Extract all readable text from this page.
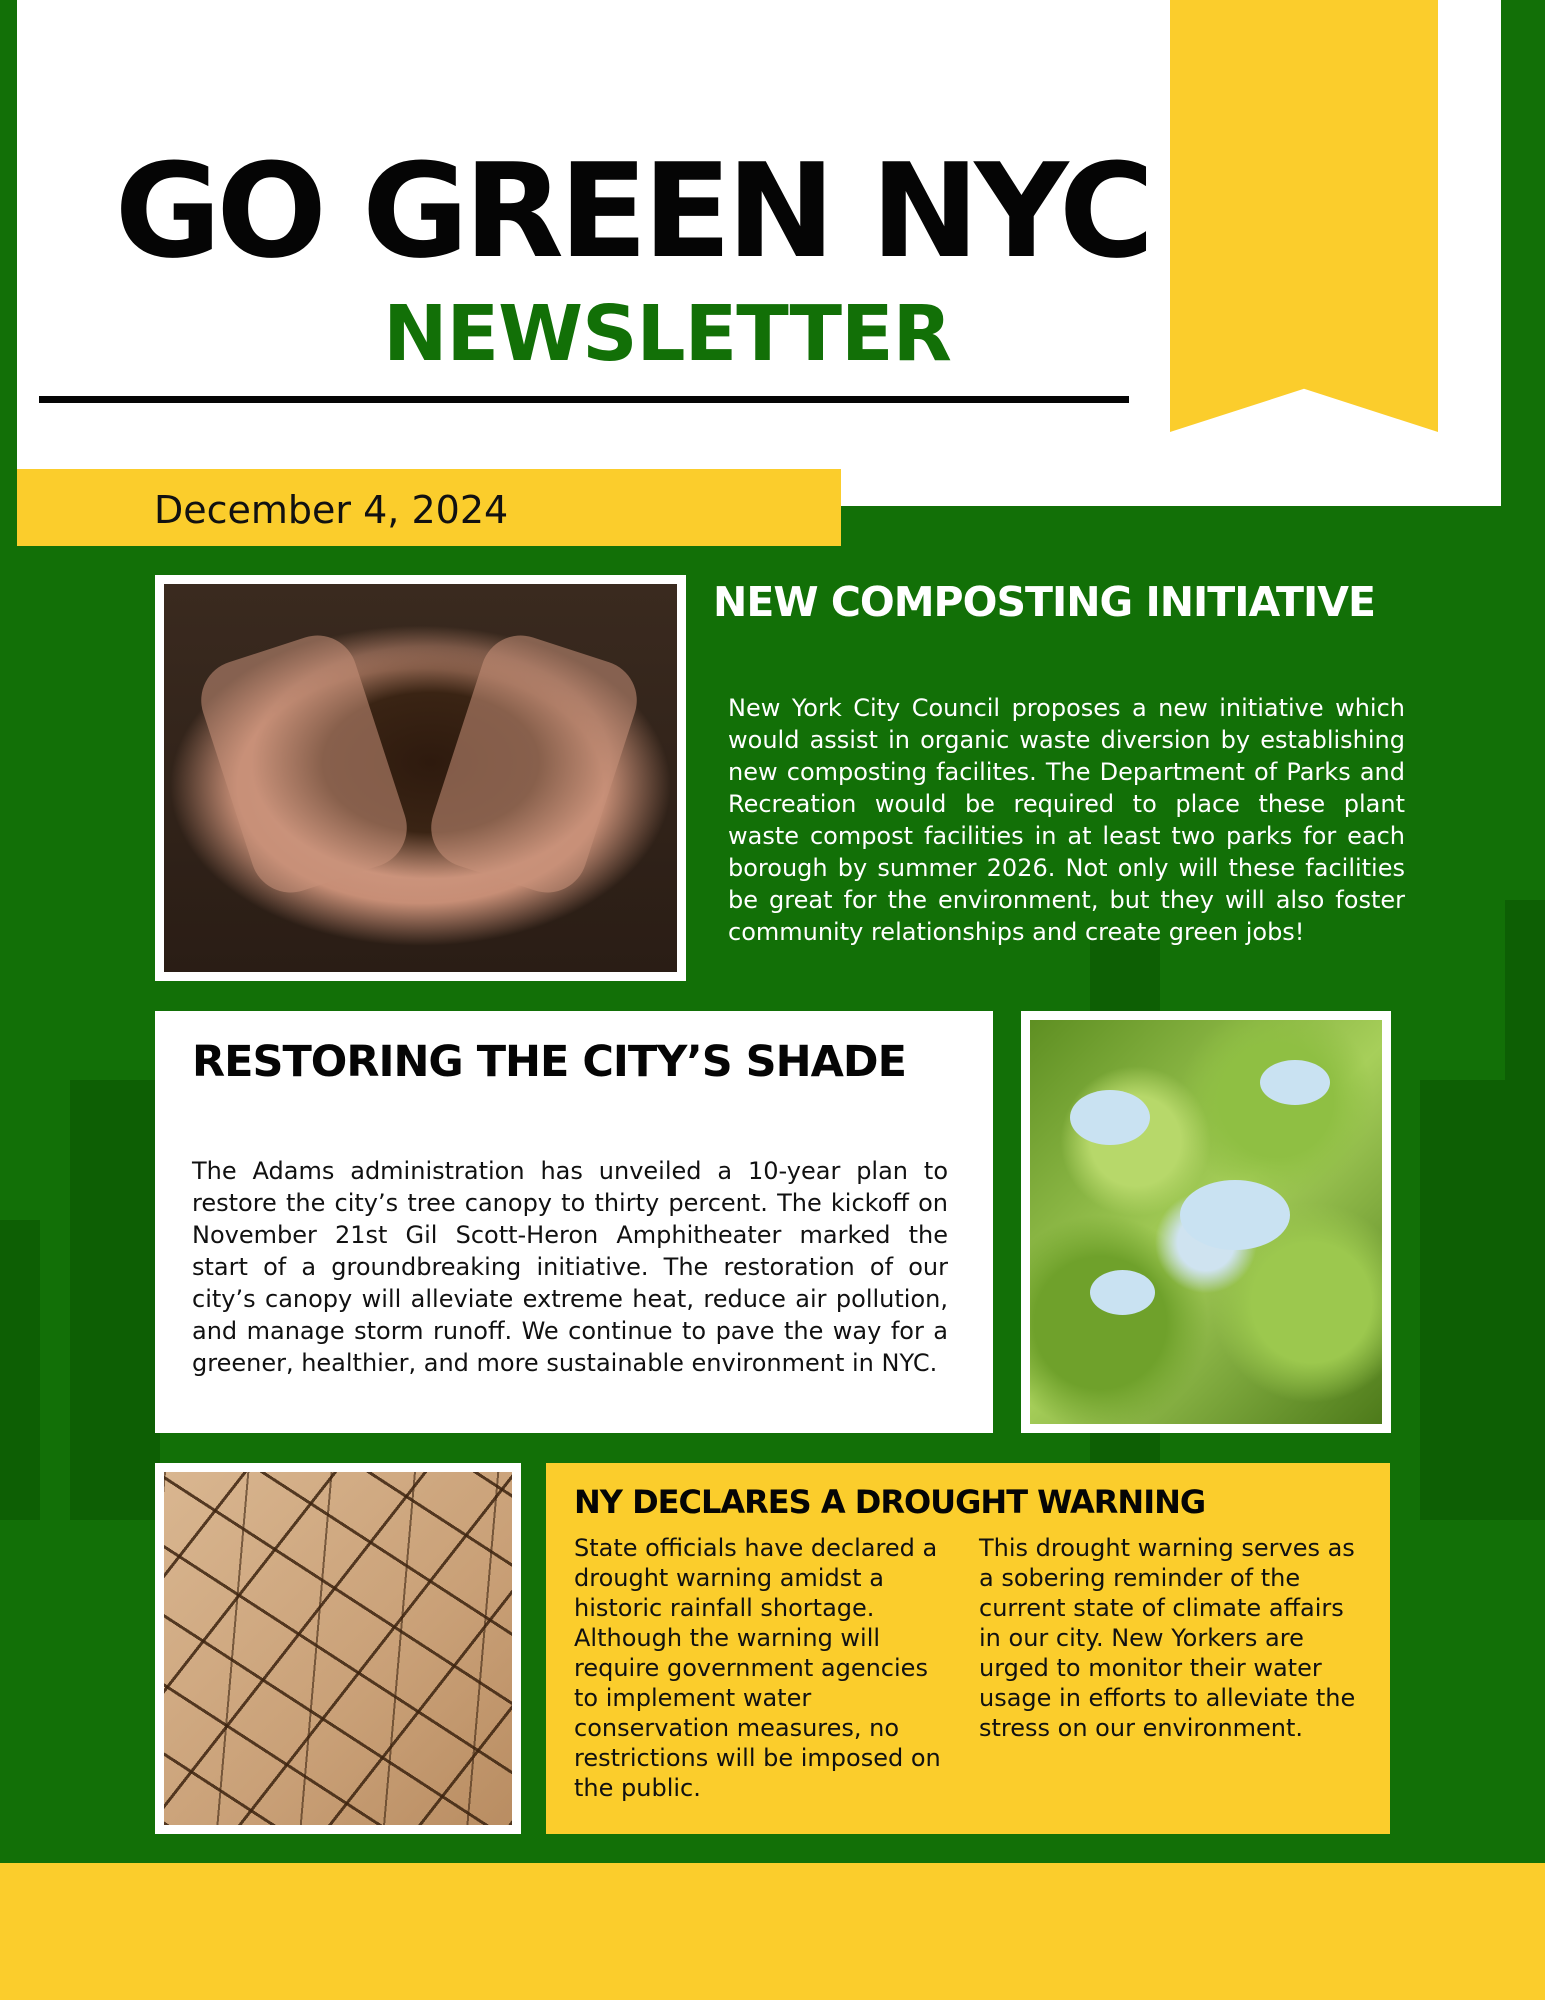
GO GREEN NYC
NEWSLETTER
December 4, 2024
NEW COMPOSTING INITIATIVE

New York City Council proposes a new initiative which would assist in organic waste diversion by establishing new composting facilites. The Department of Parks and Recreation would be required to place these plant waste compost facilities in at least two parks for each borough by summer 2026. Not only will these facilities be great for the environment, but they will also foster community relationships and create green jobs!

RESTORING THE CITY’S SHADE

The Adams administration has unveiled a 10-year plan to restore the city’s tree canopy to thirty percent. The kickoff on November 21st Gil Scott-Heron Amphitheater marked the start of a groundbreaking initiative. The restoration of our city’s canopy will alleviate extreme heat, reduce air pollution, and manage storm runoff. We continue to pave the way for a greener, healthier, and more sustainable environment in NYC.

NY DECLARES A DROUGHT WARNING

State officials have declared a drought warning amidst a historic rainfall shortage. Although the warning will require government agencies to implement water conservation measures, no restrictions will be imposed on the public.

This drought warning serves as a sobering reminder of the current state of climate affairs in our city. New Yorkers are urged to monitor their water usage in efforts to alleviate the stress on our environment.
